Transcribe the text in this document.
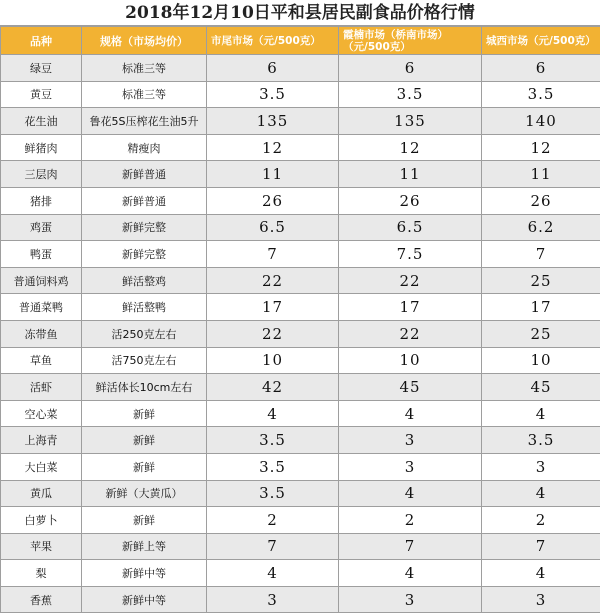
2018年12月10日平和县居民副食品价格行情
品种	规格（市场均价）	市尾市场（元/500克）	霞楠市场（桥南市场）（元/500克）	城西市场（元/500克）
绿豆	标准三等	6	6	6
黄豆	标准三等	3.5	3.5	3.5
花生油	鲁花5S压榨花生油5升	135	135	140
鲜猪肉	精瘦肉	12	12	12
三层肉	新鲜普通	11	11	11
猪排	新鲜普通	26	26	26
鸡蛋	新鲜完整	6.5	6.5	6.2
鸭蛋	新鲜完整	7	7.5	7
普通饲料鸡	鲜活整鸡	22	22	25
普通菜鸭	鲜活整鸭	17	17	17
冻带鱼	活250克左右	22	22	25
草鱼	活750克左右	10	10	10
活虾	鲜活体长10cm左右	42	45	45
空心菜	新鲜	4	4	4
上海青	新鲜	3.5	3	3.5
大白菜	新鲜	3.5	3	3
黄瓜	新鲜（大黄瓜）	3.5	4	4
白萝卜	新鲜	2	2	2
苹果	新鲜上等	7	7	7
梨	新鲜中等	4	4	4
香蕉	新鲜中等	3	3	3
